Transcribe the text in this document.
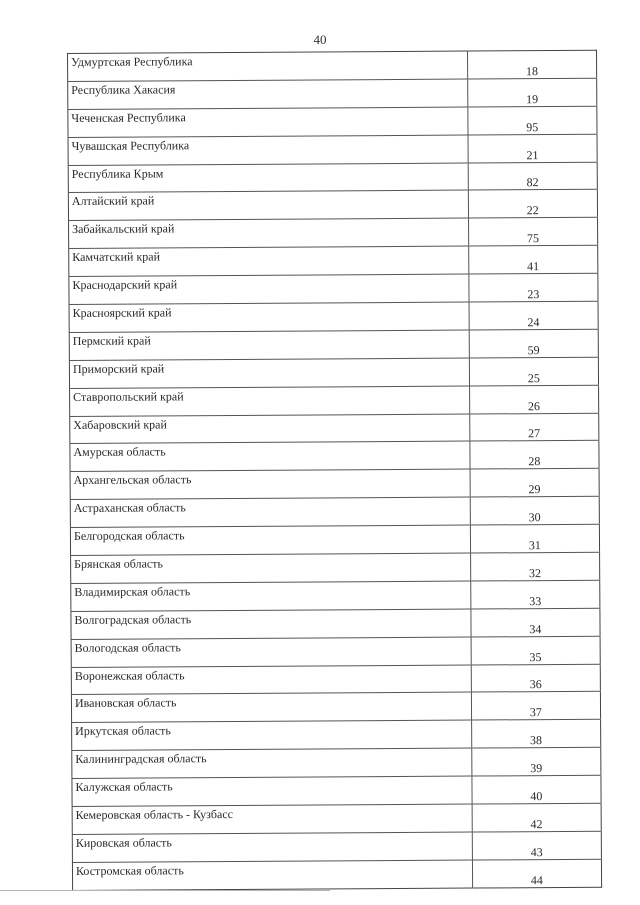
40
Удмуртская Республика	18
Республика Хакасия	19
Чеченская Республика	95
Чувашская Республика	21
Республика Крым	82
Алтайский край	22
Забайкальский край	75
Камчатский край	41
Краснодарский край	23
Красноярский край	24
Пермский край	59
Приморский край	25
Ставропольский край	26
Хабаровский край	27
Амурская область	28
Архангельская область	29
Астраханская область	30
Белгородская область	31
Брянская область	32
Владимирская область	33
Волгоградская область	34
Вологодская область	35
Воронежская область	36
Ивановская область	37
Иркутская область	38
Калининградская область	39
Калужская область	40
Кемеровская область - Кузбасс	42
Кировская область	43
Костромская область	44
